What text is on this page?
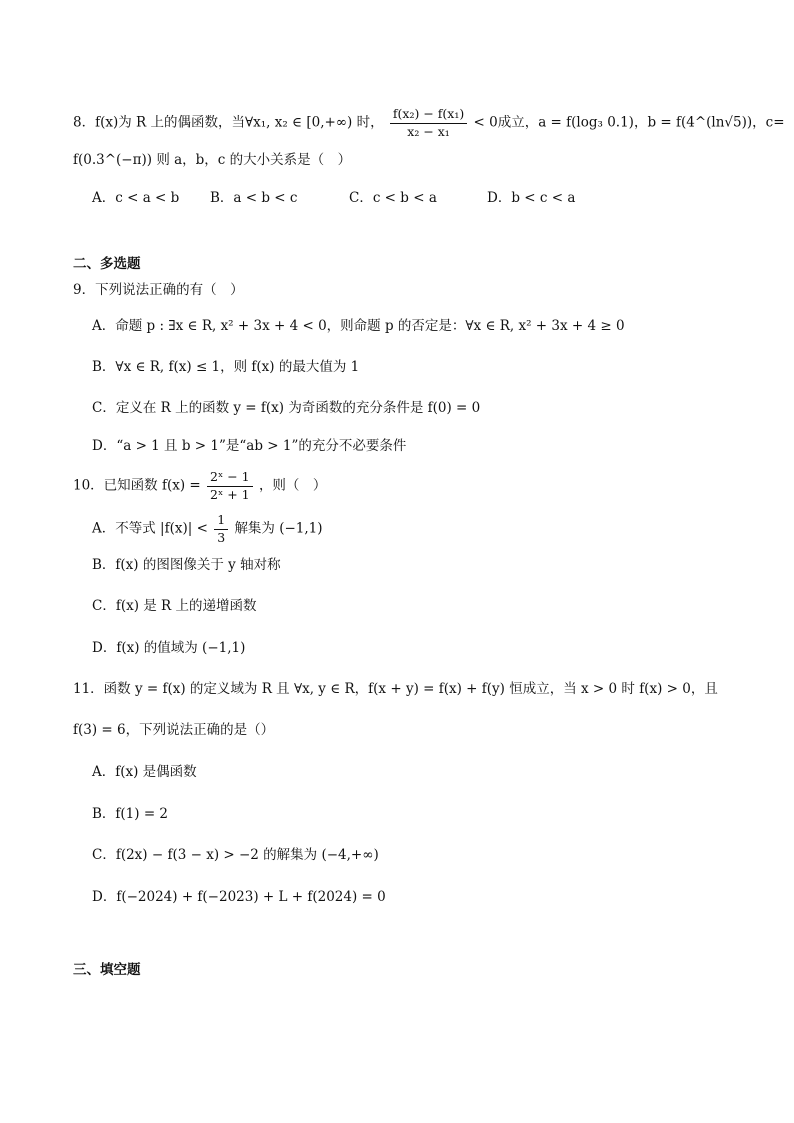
8．f(x)为 R 上的偶函数，当∀x₁, x₂ ∈ [0,+∞) 时， $\frac{\text{f(x₂) − f(x₁)}}{\text{x₂ − x₁}} < 0$成立，a = f(log₃ 0.1)，b = f(4^(ln√5))，c=
f(0.3^(−π)) 则 a，b，c 的大小关系是（　）
A．c < a < b B．a < b < c	C．c < b < a	D．b < c < a
二、多选题
9．下列说法正确的有（　）
A．命题 p : ∃x ∈ R, x² + 3x + 4 < 0，则命题 p 的否定是：∀x ∈ R, x² + 3x + 4 ≥ 0
B．∀x ∈ R, f(x) ≤ 1，则 f(x) 的最大值为 1
C．定义在 R 上的函数 y = f(x) 为奇函数的充分条件是 f(0) = 0
D．“a > 1 且 b > 1”是“ab > 1”的充分不必要条件
10．已知函数 $f(x) = \frac{\text{2ˣ − 1}}{\text{2ˣ + 1}}$ ，则（　）
A．不等式 $|f(x)| < \frac{1}{3}$ 解集为 (−1,1)
B．f(x) 的图图像关于 y 轴对称
C．f(x) 是 R 上的递增函数
D．f(x) 的值域为 (−1,1)
11．函数 y = f(x) 的定义域为 R 且 ∀x, y ∈ R，f(x + y) = f(x) + f(y) 恒成立，当 x > 0 时 f(x) > 0，且
f(3) = 6，下列说法正确的是（）
A．f(x) 是偶函数
B．f(1) = 2
C．f(2x) − f(3 − x) > −2 的解集为 (−4,+∞)
D．f(−2024) + f(−2023) + L + f(2024) = 0
三、填空题
